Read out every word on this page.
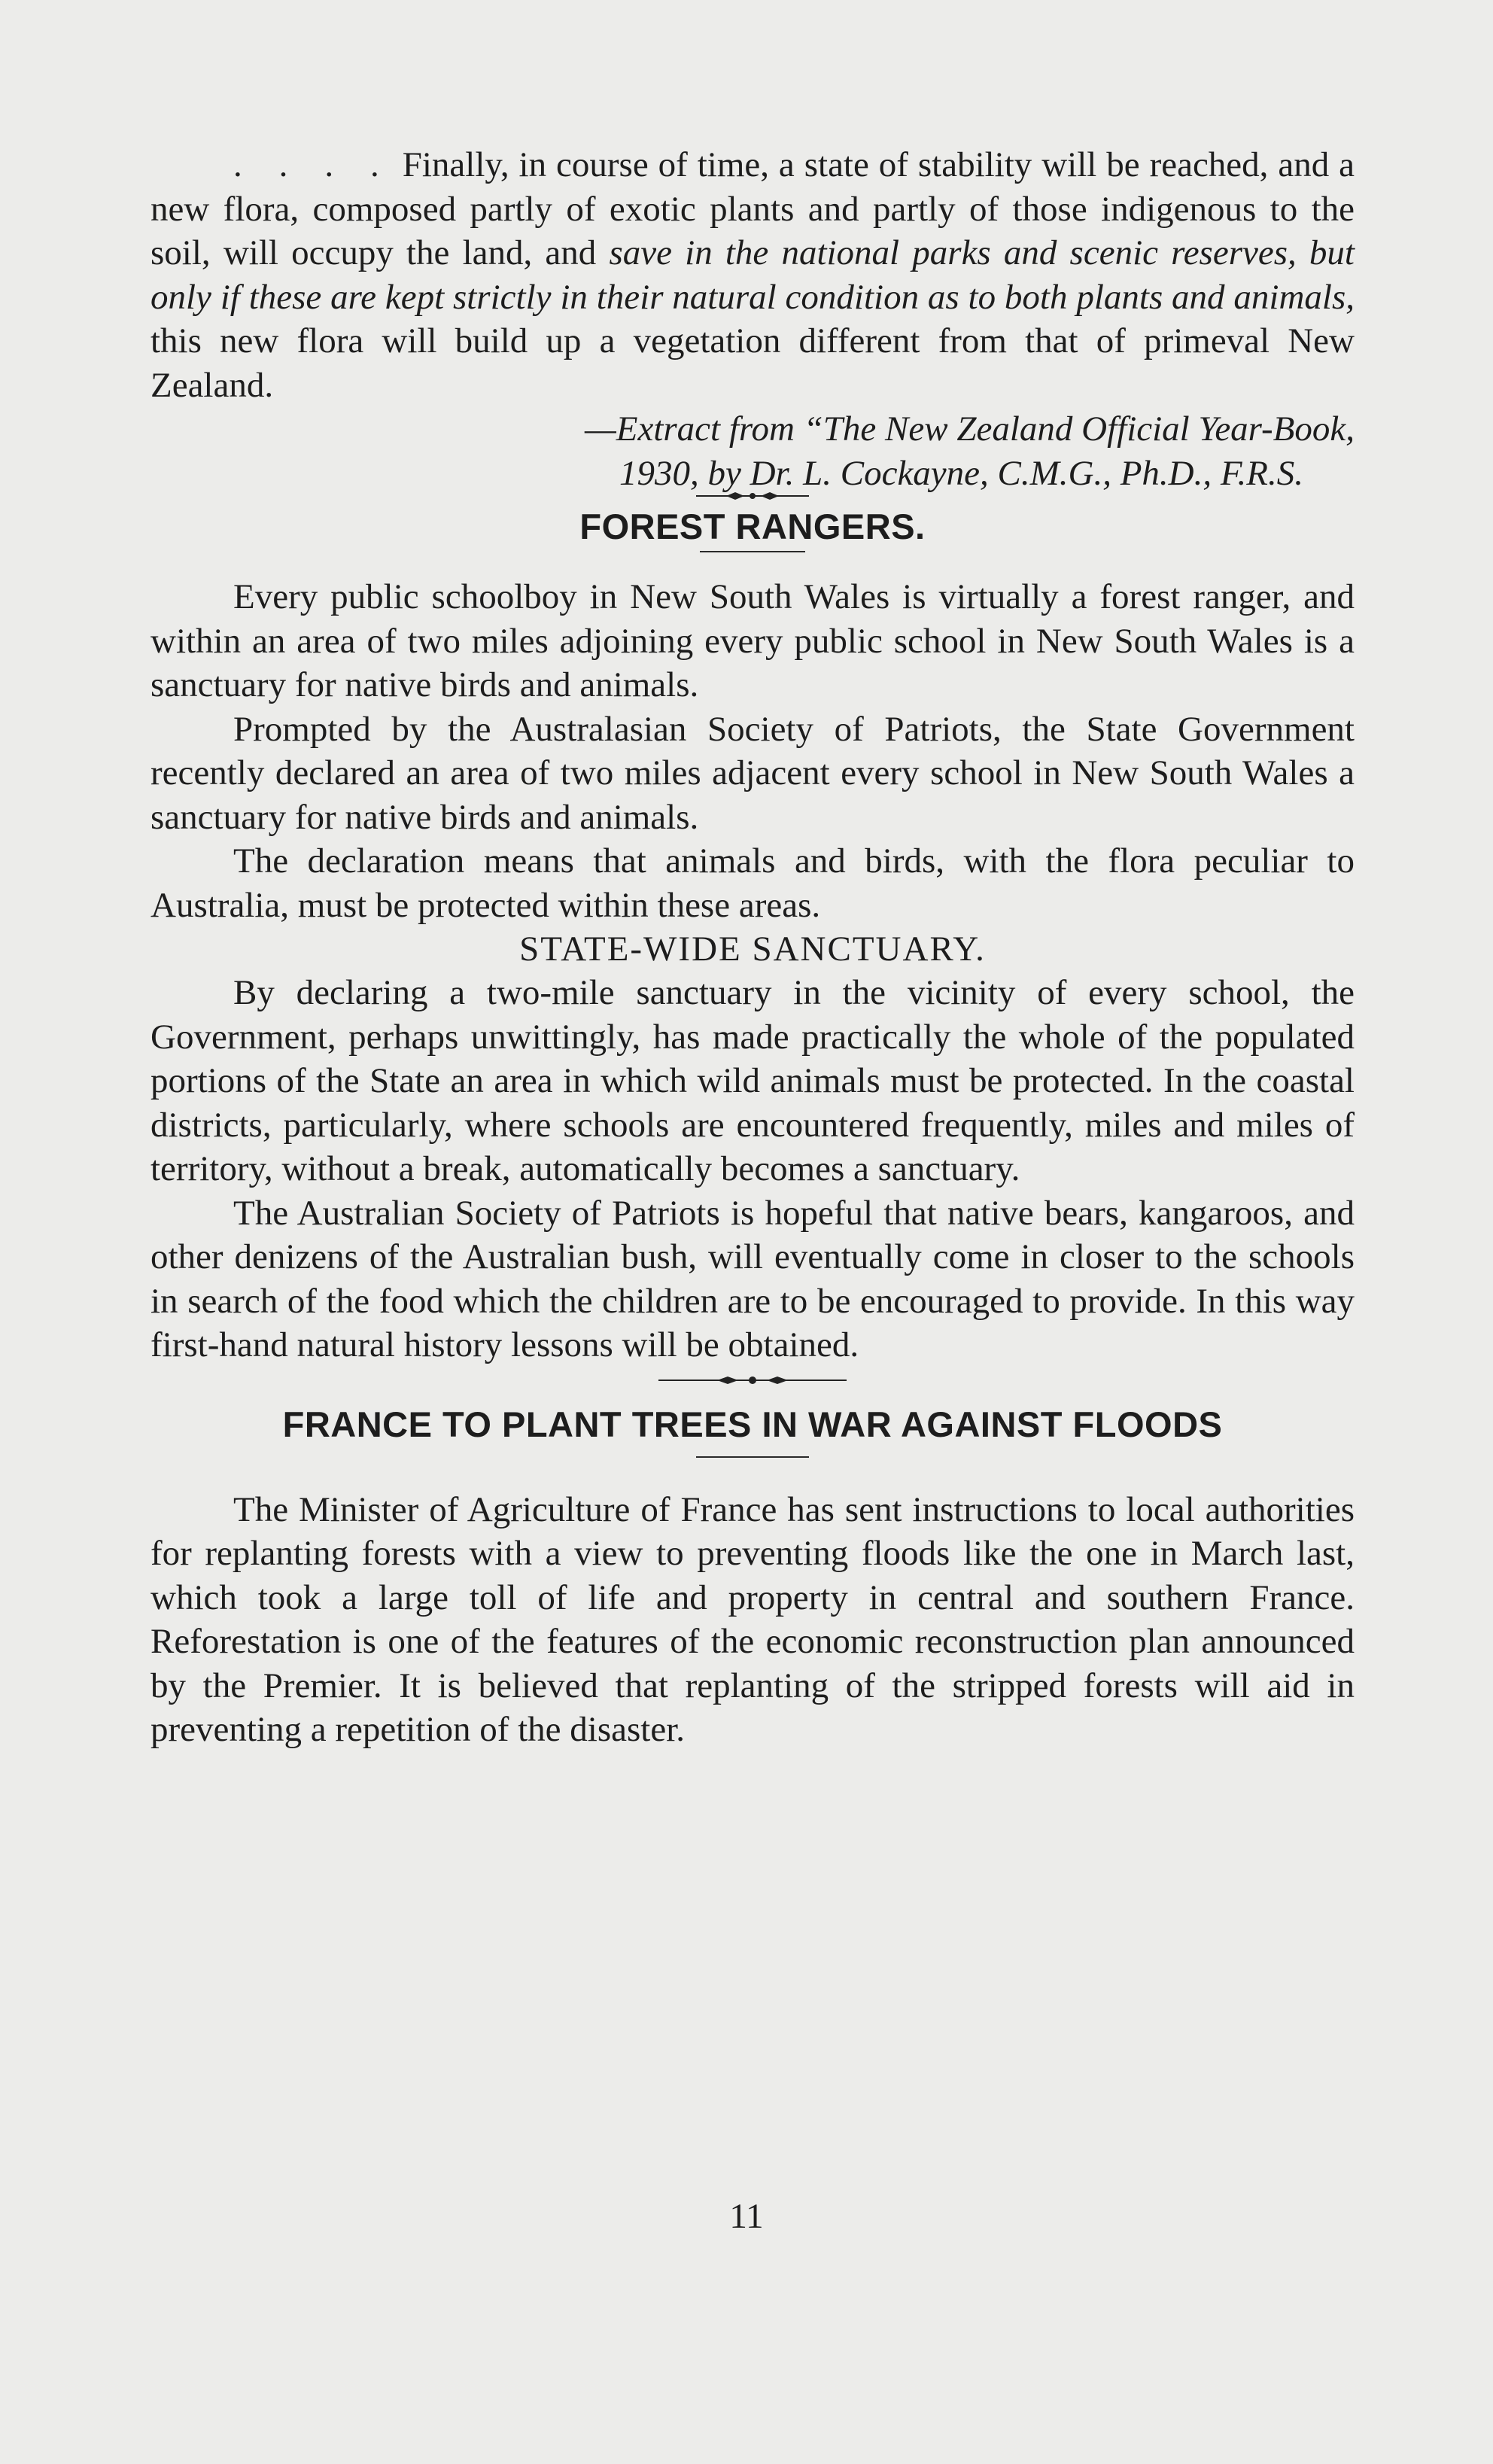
. . . . Finally, in course of time, a state of stability will be reached, and a new flora, composed partly of exotic plants and partly of those indigenous to the soil, will occupy the land, and save in the national parks and scenic reserves, but only if these are kept strictly in their natural condition as to both plants and animals, this new flora will build up a vegetation different from that of primeval New Zealand.

—Extract from “The New Zealand Official Year-Book,
1930, by Dr. L. Cockayne, C.M.G., Ph.D., F.R.S.
FOREST RANGERS.

Every public schoolboy in New South Wales is virtually a forest ranger, and within an area of two miles adjoining every public school in New South Wales is a sanctuary for native birds and animals.

Prompted by the Australasian Society of Patriots, the State Government recently declared an area of two miles adjacent every school in New South Wales a sanctuary for native birds and animals.

The declaration means that animals and birds, with the flora peculiar to Australia, must be protected within these areas.

STATE-WIDE SANCTUARY.

By declaring a two-mile sanctuary in the vicinity of every school, the Government, perhaps unwittingly, has made practically the whole of the populated portions of the State an area in which wild animals must be protected. In the coastal districts, particularly, where schools are encountered frequently, miles and miles of territory, without a break, automatically becomes a sanctuary.

The Australian Society of Patriots is hopeful that native bears, kangaroos, and other denizens of the Australian bush, will eventually come in closer to the schools in search of the food which the children are to be encouraged to provide. In this way first-hand natural history lessons will be obtained.

FRANCE TO PLANT TREES IN WAR AGAINST FLOODS

The Minister of Agriculture of France has sent instructions to local authorities for replanting forests with a view to preventing floods like the one in March last, which took a large toll of life and property in central and southern France. Reforestation is one of the features of the economic reconstruction plan announced by the Premier. It is believed that replanting of the stripped forests will aid in preventing a repetition of the disaster.

11
